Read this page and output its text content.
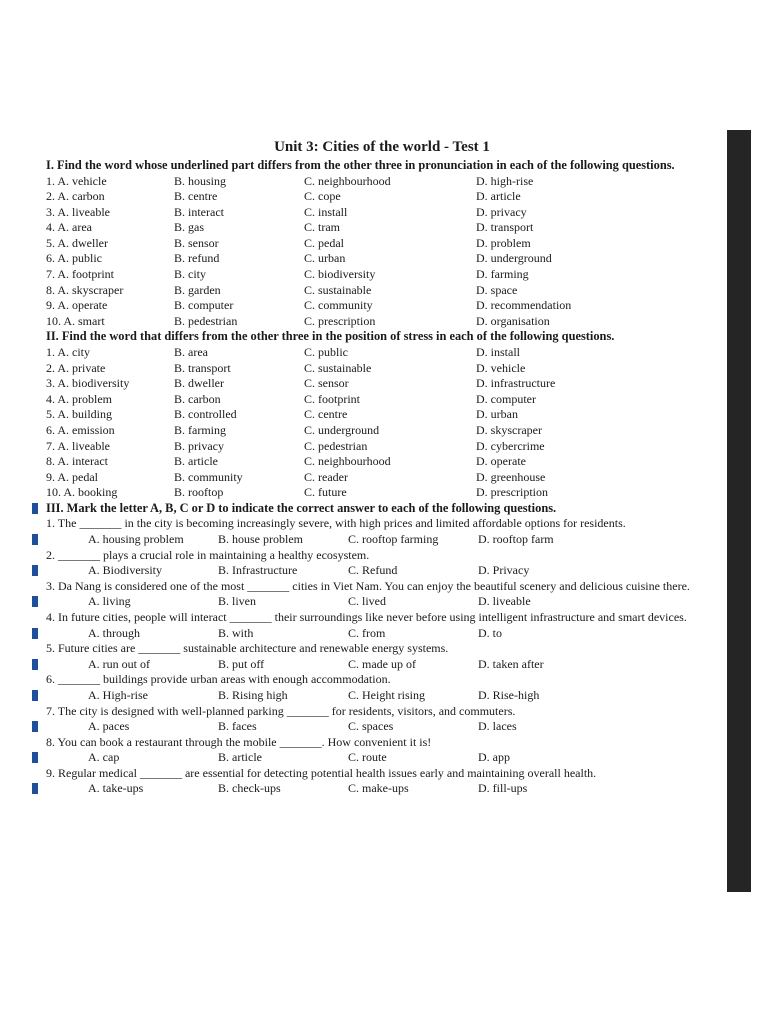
Unit 3: Cities of the world - Test 1
I. Find the word whose underlined part differs from the other three in pronunciation in each of the following questions.
1. A. vehicle	B. housing	C. neighbourhood	D. high-rise
2. A. carbon	B. centre	C. cope	D. article
3. A. liveable	B. interact	C. install	D. privacy
4. A. area	B. gas	C. tram	D. transport
5. A. dweller	B. sensor	C. pedal	D. problem
6. A. public	B. refund	C. urban	D. underground
7. A. footprint	B. city	C. biodiversity	D. farming
8. A. skyscraper	B. garden	C. sustainable	D. space
9. A. operate	B. computer	C. community	D. recommendation
10. A. smart	B. pedestrian	C. prescription	D. organisation
II. Find the word that differs from the other three in the position of stress in each of the following questions.
1. A. city	B. area	C. public	D. install
2. A. private	B. transport	C. sustainable	D. vehicle
3. A. biodiversity	B. dweller	C. sensor	D. infrastructure
4. A. problem	B. carbon	C. footprint	D. computer
5. A. building	B. controlled	C. centre	D. urban
6. A. emission	B. farming	C. underground	D. skyscraper
7. A. liveable	B. privacy	C. pedestrian	D. cybercrime
8. A. interact	B. article	C. neighbourhood	D. operate
9. A. pedal	B. community	C. reader	D. greenhouse
10. A. booking	B. rooftop	C. future	D. prescription
III. Mark the letter A, B, C or D to indicate the correct answer to each of the following questions.
1. The _______ in the city is becoming increasingly severe, with high prices and limited affordable options for residents.
A. housing problem	B. house problem	C. rooftop farming	D. rooftop farm
2. _______ plays a crucial role in maintaining a healthy ecosystem.
A. Biodiversity	B. Infrastructure	C. Refund	D. Privacy
3. Da Nang is considered one of the most _______ cities in Viet Nam. You can enjoy the beautiful scenery and delicious cuisine there.
A. living	B. liven	C. lived	D. liveable
4. In future cities, people will interact _______ their surroundings like never before using intelligent infrastructure and smart devices.
A. through	B. with	C. from	D. to
5. Future cities are _______ sustainable architecture and renewable energy systems.
A. run out of	B. put off	C. made up of	D. taken after
6. _______ buildings provide urban areas with enough accommodation.
A. High-rise	B. Rising high	C. Height rising	D. Rise-high
7. The city is designed with well-planned parking _______ for residents, visitors, and commuters.
A. paces	B. faces	C. spaces	D. laces
8. You can book a restaurant through the mobile _______. How convenient it is!
A. cap	B. article	C. route	D. app
9. Regular medical _______ are essential for detecting potential health issues early and maintaining overall health.
A. take-ups	B. check-ups	C. make-ups	D. fill-ups
